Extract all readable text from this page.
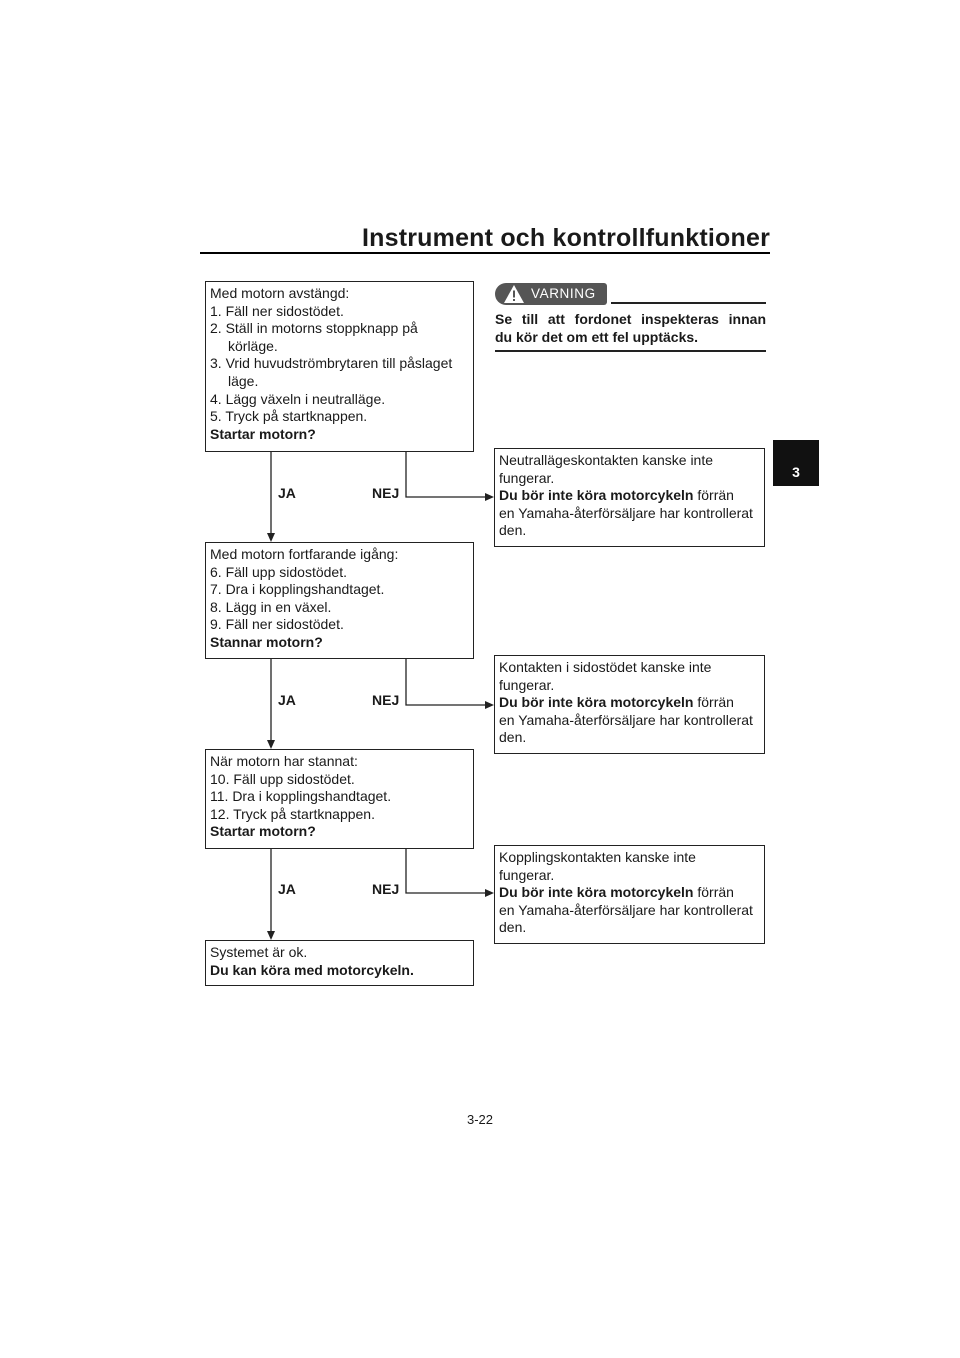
Instrument och kontrollfunktioner
3
Med motorn avstängd:
1. Fäll ner sidostödet.
2. Ställ in motorns stoppknapp på
körläge.
3. Vrid huvudströmbrytaren till påslaget
läge.
4. Lägg växeln i neutralläge.
5. Tryck på startknappen.
Startar motorn?
JA	NEJ
Med motorn fortfarande igång:
6. Fäll upp sidostödet.
7. Dra i kopplingshandtaget.
8. Lägg in en växel.
9. Fäll ner sidostödet.
Stannar motorn?
JA	NEJ
När motorn har stannat:
10. Fäll upp sidostödet.
11. Dra i kopplingshandtaget.
12. Tryck på startknappen.
Startar motorn?
JA	NEJ
Systemet är ok.
Du kan köra med motorcykeln.
VARNING
Se till att fordonet inspekteras innan
du kör det om ett fel upptäcks.
Neutrallägeskontakten kanske inte
fungerar.
Du bör inte köra motorcykeln förrän
en Yamaha-återförsäljare har kontrollerat
den.
Kontakten i sidostödet kanske inte
fungerar.
Du bör inte köra motorcykeln förrän
en Yamaha-återförsäljare har kontrollerat
den.
Kopplingskontakten kanske inte
fungerar.
Du bör inte köra motorcykeln förrän
en Yamaha-återförsäljare har kontrollerat
den.
3-22
